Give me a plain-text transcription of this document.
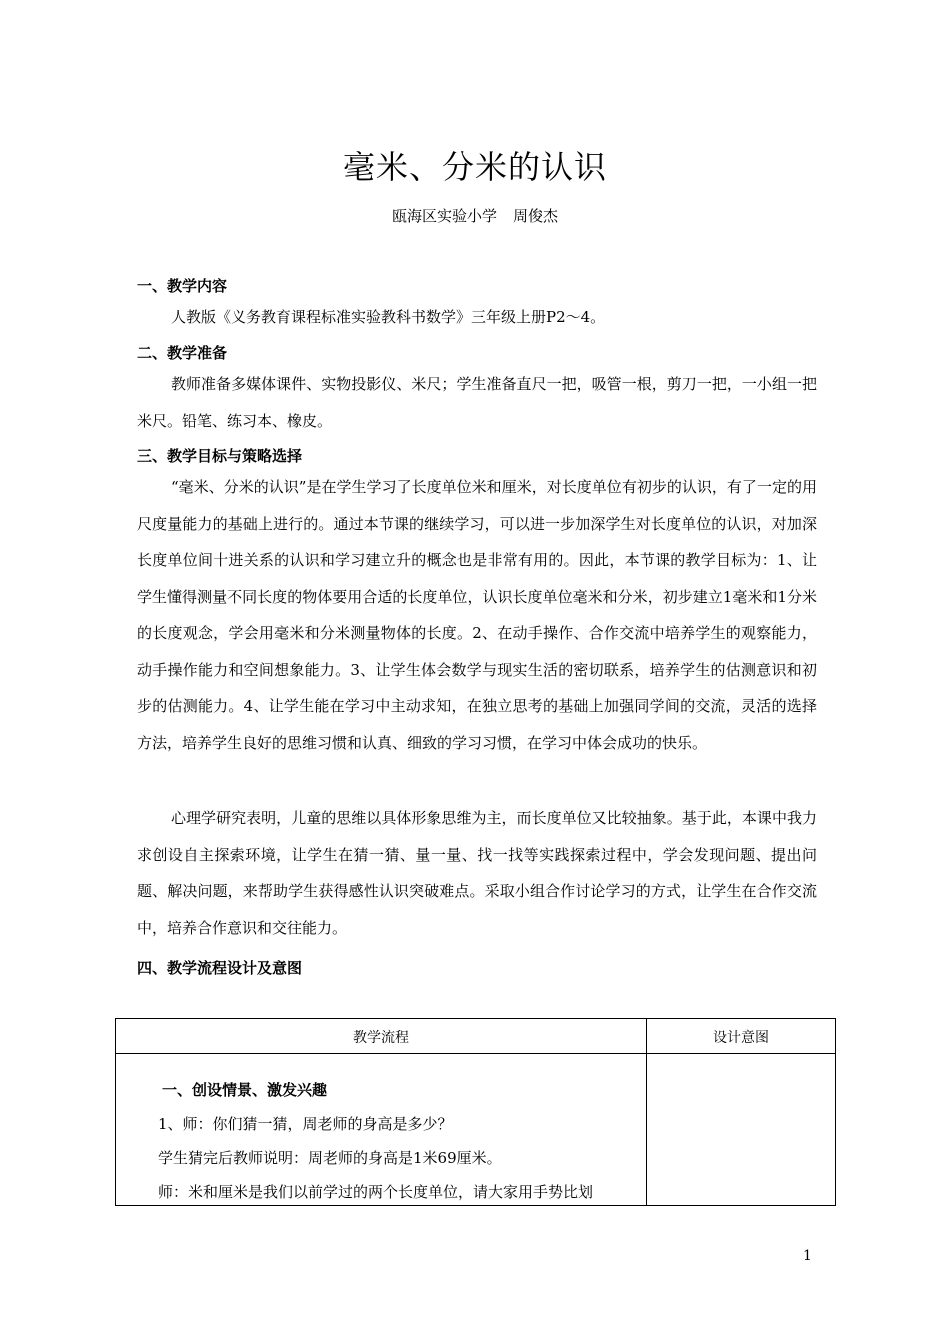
毫米、分米的认识
瓯海区实验小学 周俊杰
一、教学内容

人教版《义务教育课程标准实验教科书数学》三年级上册P2～4。

二、教学准备

教师准备多媒体课件、实物投影仪、米尺；学生准备直尺一把，吸管一根，剪刀一把，一小组一把米尺。铅笔、练习本、橡皮。

三、教学目标与策略选择

“毫米、分米的认识”是在学生学习了长度单位米和厘米，对长度单位有初步的认识，有了一定的用尺度量能力的基础上进行的。通过本节课的继续学习，可以进一步加深学生对长度单位的认识，对加深长度单位间十进关系的认识和学习建立升的概念也是非常有用的。因此，本节课的教学目标为：1、让学生懂得测量不同长度的物体要用合适的长度单位，认识长度单位毫米和分米，初步建立1毫米和1分米的长度观念，学会用毫米和分米测量物体的长度。2、在动手操作、合作交流中培养学生的观察能力，动手操作能力和空间想象能力。3、让学生体会数学与现实生活的密切联系，培养学生的估测意识和初步的估测能力。4、让学生能在学习中主动求知，在独立思考的基础上加强同学间的交流，灵活的选择方法，培养学生良好的思维习惯和认真、细致的学习习惯，在学习中体会成功的快乐。

心理学研究表明，儿童的思维以具体形象思维为主，而长度单位又比较抽象。基于此，本课中我力求创设自主探索环境，让学生在猜一猜、量一量、找一找等实践探索过程中，学会发现问题、提出问题、解决问题，来帮助学生获得感性认识突破难点。采取小组合作讨论学习的方式，让学生在合作交流中，培养合作意识和交往能力。

四、教学流程设计及意图
教学流程	设计意图
一、创设情景、激发兴趣
1、师：你们猜一猜，周老师的身高是多少？
学生猜完后教师说明：周老师的身高是1米69厘米。
师：米和厘米是我们以前学过的两个长度单位，请大家用手势比划
1
